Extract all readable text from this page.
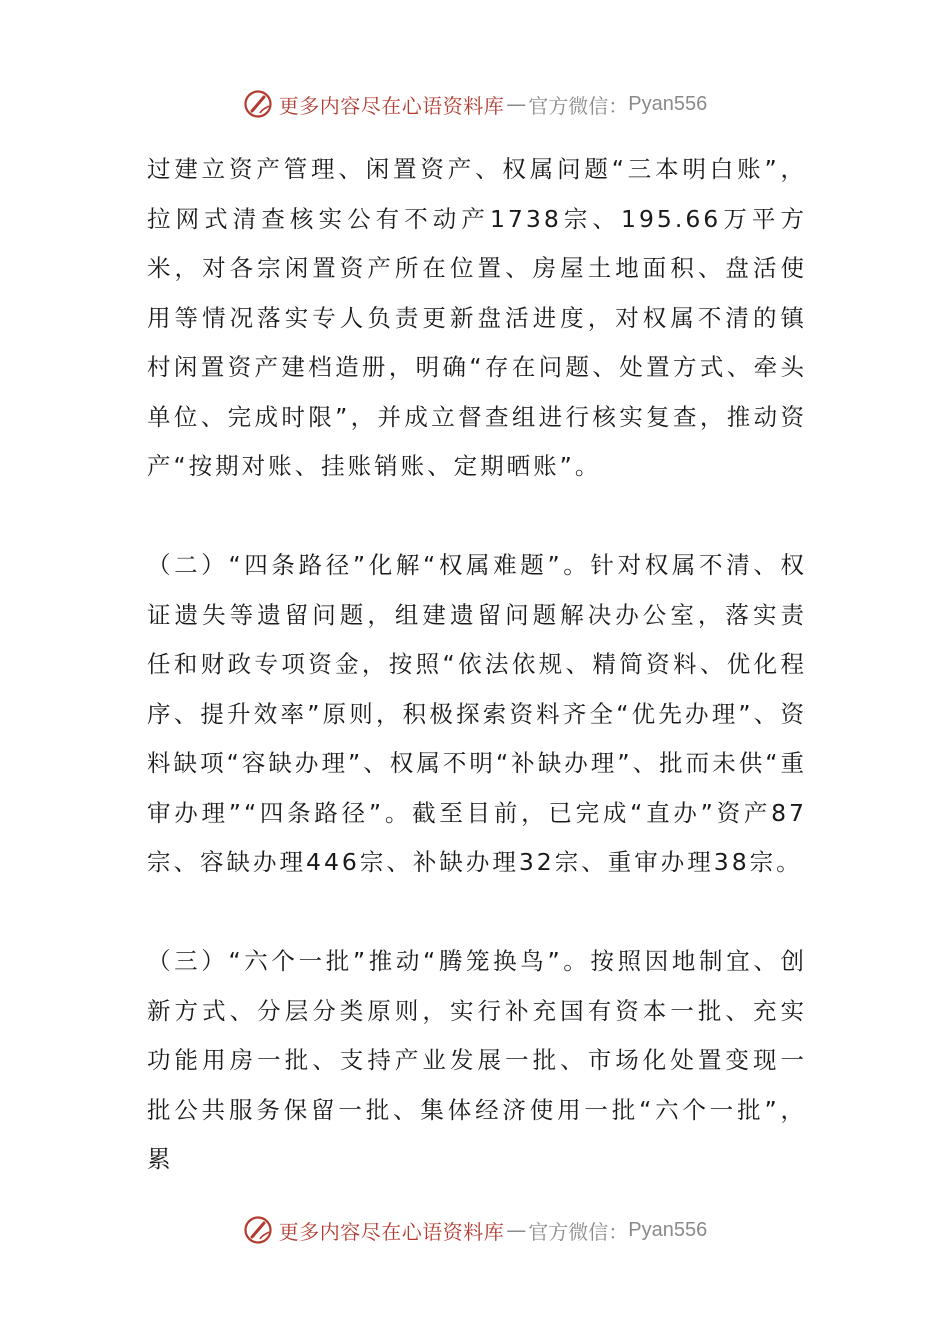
更多内容尽在心语资料库 — 官方微信： Pyan556

过建立资产管理、闲置资产、权属问题“三本明白账”，拉网式清查核实公有不动产1738宗、195.66万平方米，对各宗闲置资产所在位置、房屋土地面积、盘活使用等情况落实专人负责更新盘活进度，对权属不清的镇村闲置资产建档造册，明确“存在问题、处置方式、牵头单位、完成时限”，并成立督查组进行核实复查，推动资产“按期对账、挂账销账、定期晒账”。

（二）“四条路径”化解“权属难题”。针对权属不清、权证遗失等遗留问题，组建遗留问题解决办公室，落实责任和财政专项资金，按照“依法依规、精简资料、优化程序、提升效率”原则，积极探索资料齐全“优先办理”、资料缺项“容缺办理”、权属不明“补缺办理”、批而未供“重审办理”“四条路径”。截至目前，已完成“直办”资产87宗、容缺办理446宗、补缺办理32宗、重审办理38宗。

（三）“六个一批”推动“腾笼换鸟”。按照因地制宜、创新方式、分层分类原则，实行补充国有资本一批、充实功能用房一批、支持产业发展一批、市场化处置变现一批公共服务保留一批、集体经济使用一批“六个一批”，累

更多内容尽在心语资料库 — 官方微信： Pyan556
